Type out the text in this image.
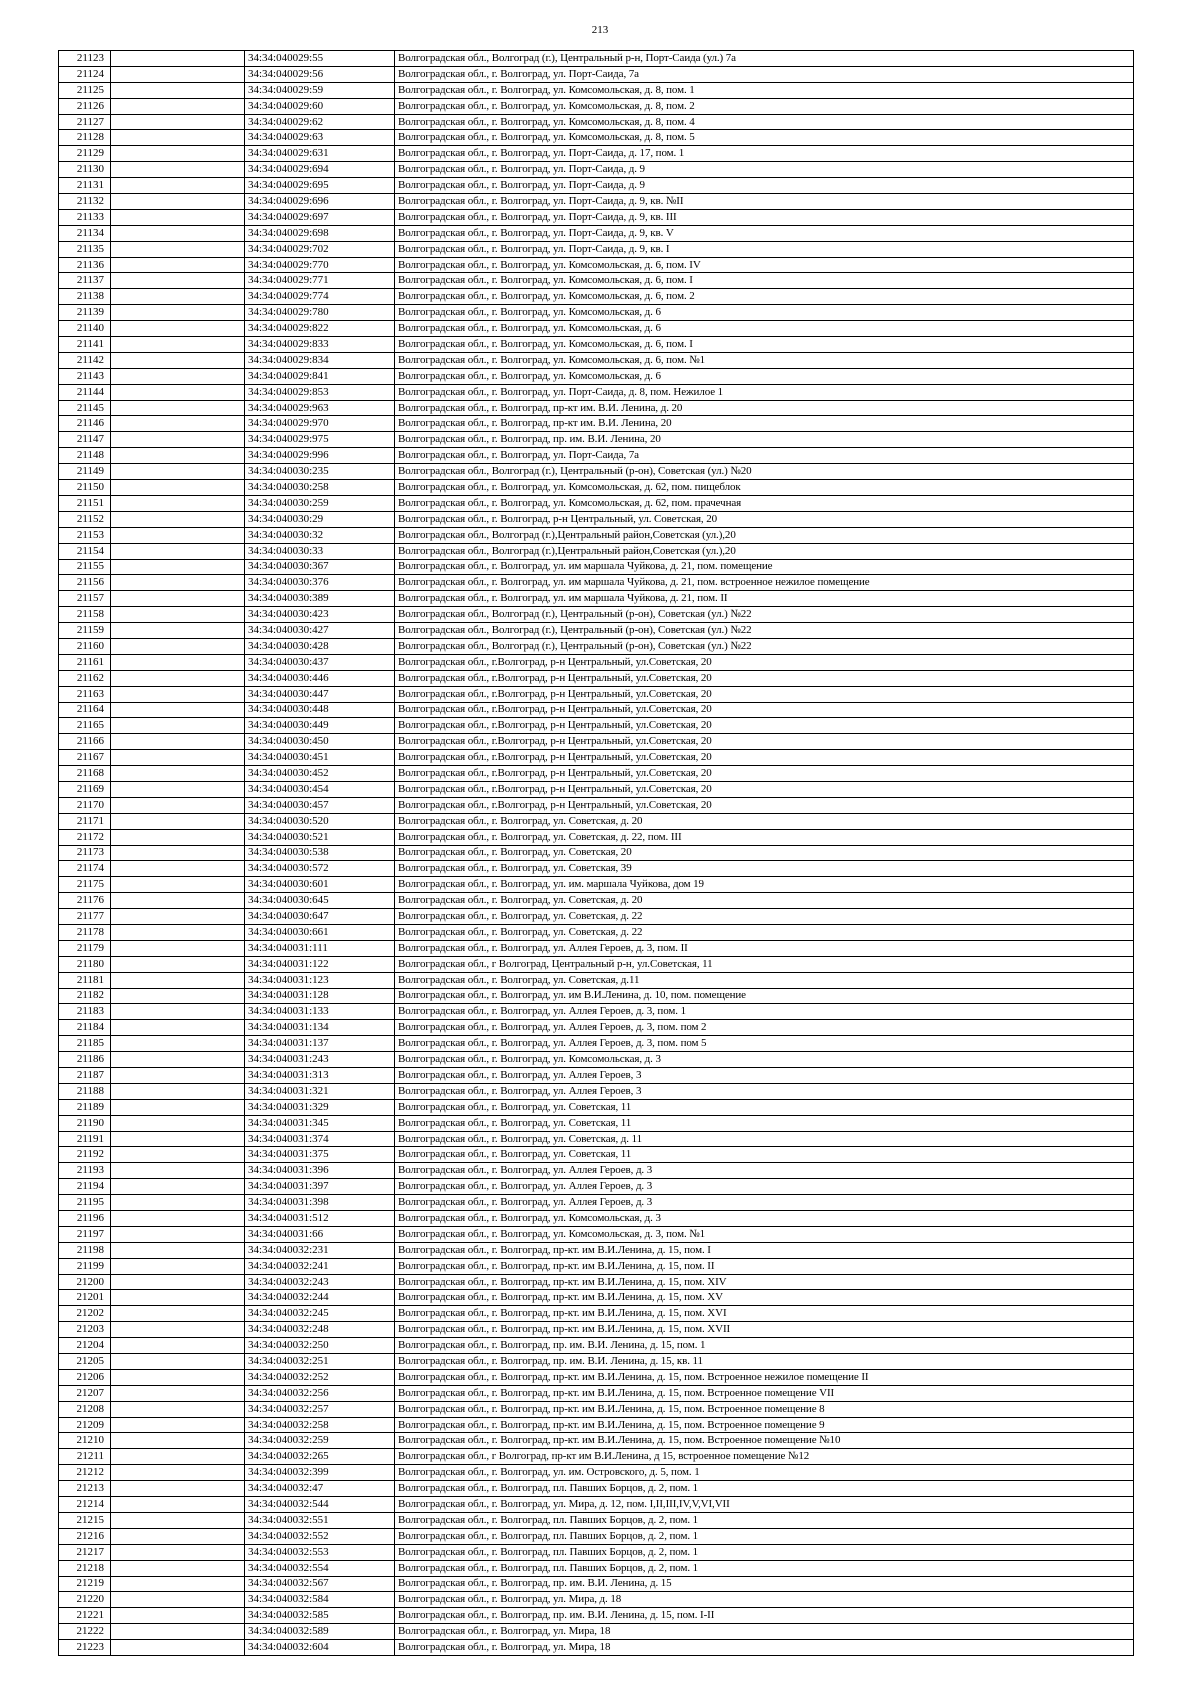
213
21123		34:34:040029:55	Волгоградская обл., Волгоград (г.), Центральный р-н, Порт-Саида (ул.) 7а
21124		34:34:040029:56	Волгоградская обл., г. Волгоград, ул. Порт-Саида, 7а
21125		34:34:040029:59	Волгоградская обл., г. Волгоград, ул. Комсомольская, д. 8, пом. 1
21126		34:34:040029:60	Волгоградская обл., г. Волгоград, ул. Комсомольская, д. 8, пом. 2
21127		34:34:040029:62	Волгоградская обл., г. Волгоград, ул. Комсомольская, д. 8, пом. 4
21128		34:34:040029:63	Волгоградская обл., г. Волгоград, ул. Комсомольская, д. 8, пом. 5
21129		34:34:040029:631	Волгоградская обл., г. Волгоград, ул. Порт-Саида, д. 17, пом. 1
21130		34:34:040029:694	Волгоградская обл., г. Волгоград, ул. Порт-Саида, д. 9
21131		34:34:040029:695	Волгоградская обл., г. Волгоград, ул. Порт-Саида, д. 9
21132		34:34:040029:696	Волгоградская обл., г. Волгоград, ул. Порт-Саида, д. 9, кв. №II
21133		34:34:040029:697	Волгоградская обл., г. Волгоград, ул. Порт-Саида, д. 9, кв. III
21134		34:34:040029:698	Волгоградская обл., г. Волгоград, ул. Порт-Саида, д. 9, кв. V
21135		34:34:040029:702	Волгоградская обл., г. Волгоград, ул. Порт-Саида, д. 9, кв. I
21136		34:34:040029:770	Волгоградская обл., г. Волгоград, ул. Комсомольская, д. 6, пом. IV
21137		34:34:040029:771	Волгоградская обл., г. Волгоград, ул. Комсомольская, д. 6, пом. I
21138		34:34:040029:774	Волгоградская обл., г. Волгоград, ул. Комсомольская, д. 6, пом. 2
21139		34:34:040029:780	Волгоградская обл., г. Волгоград, ул. Комсомольская, д. 6
21140		34:34:040029:822	Волгоградская обл., г. Волгоград, ул. Комсомольская, д. 6
21141		34:34:040029:833	Волгоградская обл., г. Волгоград, ул. Комсомольская, д. 6, пом. I
21142		34:34:040029:834	Волгоградская обл., г. Волгоград, ул. Комсомольская, д. 6, пом. №1
21143		34:34:040029:841	Волгоградская обл., г. Волгоград, ул. Комсомольская, д. 6
21144		34:34:040029:853	Волгоградская обл., г. Волгоград, ул. Порт-Саида, д. 8, пом. Нежилое 1
21145		34:34:040029:963	Волгоградская обл., г. Волгоград, пр-кт им. В.И. Ленина, д. 20
21146		34:34:040029:970	Волгоградская обл., г. Волгоград, пр-кт им. В.И. Ленина, 20
21147		34:34:040029:975	Волгоградская обл., г. Волгоград, пр. им. В.И. Ленина, 20
21148		34:34:040029:996	Волгоградская обл., г. Волгоград, ул. Порт-Саида, 7а
21149		34:34:040030:235	Волгоградская обл., Волгоград (г.), Центральный (р-он), Советская (ул.) №20
21150		34:34:040030:258	Волгоградская обл., г. Волгоград, ул. Комсомольская, д. 62, пом. пищеблок
21151		34:34:040030:259	Волгоградская обл., г. Волгоград, ул. Комсомольская, д. 62, пом. прачечная
21152		34:34:040030:29	Волгоградская обл., г. Волгоград, р-н Центральный, ул. Советская, 20
21153		34:34:040030:32	Волгоградская обл., Волгоград (г.),Центральный район,Советская (ул.),20
21154		34:34:040030:33	Волгоградская обл., Волгоград (г.),Центральный район,Советская (ул.),20
21155		34:34:040030:367	Волгоградская обл., г. Волгоград, ул. им маршала Чуйкова, д. 21, пом. помещение
21156		34:34:040030:376	Волгоградская обл., г. Волгоград, ул. им маршала Чуйкова, д. 21, пом. встроенное нежилое помещение
21157		34:34:040030:389	Волгоградская обл., г. Волгоград, ул. им маршала Чуйкова, д. 21, пом. II
21158		34:34:040030:423	Волгоградская обл., Волгоград (г.), Центральный (р-он), Советская (ул.) №22
21159		34:34:040030:427	Волгоградская обл., Волгоград (г.), Центральный (р-он), Советская (ул.) №22
21160		34:34:040030:428	Волгоградская обл., Волгоград (г.), Центральный (р-он), Советская (ул.) №22
21161		34:34:040030:437	Волгоградская обл., г.Волгоград, р-н Центральный, ул.Советская, 20
21162		34:34:040030:446	Волгоградская обл., г.Волгоград, р-н Центральный, ул.Советская, 20
21163		34:34:040030:447	Волгоградская обл., г.Волгоград, р-н Центральный, ул.Советская, 20
21164		34:34:040030:448	Волгоградская обл., г.Волгоград, р-н Центральный, ул.Советская, 20
21165		34:34:040030:449	Волгоградская обл., г.Волгоград, р-н Центральный, ул.Советская, 20
21166		34:34:040030:450	Волгоградская обл., г.Волгоград, р-н Центральный, ул.Советская, 20
21167		34:34:040030:451	Волгоградская обл., г.Волгоград, р-н Центральный, ул.Советская, 20
21168		34:34:040030:452	Волгоградская обл., г.Волгоград, р-н Центральный, ул.Советская, 20
21169		34:34:040030:454	Волгоградская обл., г.Волгоград, р-н Центральный, ул.Советская, 20
21170		34:34:040030:457	Волгоградская обл., г.Волгоград, р-н Центральный, ул.Советская, 20
21171		34:34:040030:520	Волгоградская обл., г. Волгоград, ул. Советская, д. 20
21172		34:34:040030:521	Волгоградская обл., г. Волгоград, ул. Советская, д. 22, пом. III
21173		34:34:040030:538	Волгоградская обл., г. Волгоград, ул. Советская, 20
21174		34:34:040030:572	Волгоградская обл., г. Волгоград, ул. Советская, 39
21175		34:34:040030:601	Волгоградская обл., г. Волгоград, ул. им. маршала Чуйкова, дом 19
21176		34:34:040030:645	Волгоградская обл., г. Волгоград, ул. Советская, д. 20
21177		34:34:040030:647	Волгоградская обл., г. Волгоград, ул. Советская, д. 22
21178		34:34:040030:661	Волгоградская обл., г. Волгоград, ул. Советская, д. 22
21179		34:34:040031:111	Волгоградская обл., г. Волгоград, ул. Аллея Героев, д. 3, пом. II
21180		34:34:040031:122	Волгоградская обл., г Волгоград, Центральный р-н, ул.Советская, 11
21181		34:34:040031:123	Волгоградская обл., г. Волгоград, ул. Советская, д.11
21182		34:34:040031:128	Волгоградская обл., г. Волгоград, ул. им В.И.Ленина, д. 10, пом. помещение
21183		34:34:040031:133	Волгоградская обл., г. Волгоград, ул. Аллея Героев, д. 3, пом. 1
21184		34:34:040031:134	Волгоградская обл., г. Волгоград, ул. Аллея Героев, д. 3, пом. пом 2
21185		34:34:040031:137	Волгоградская обл., г. Волгоград, ул. Аллея Героев, д. 3, пом. пом 5
21186		34:34:040031:243	Волгоградская обл., г. Волгоград, ул. Комсомольская, д. 3
21187		34:34:040031:313	Волгоградская обл., г. Волгоград, ул. Аллея Героев, 3
21188		34:34:040031:321	Волгоградская обл., г. Волгоград, ул. Аллея Героев, 3
21189		34:34:040031:329	Волгоградская обл., г. Волгоград, ул. Советская, 11
21190		34:34:040031:345	Волгоградская обл., г. Волгоград, ул. Советская, 11
21191		34:34:040031:374	Волгоградская обл., г. Волгоград, ул. Советская, д. 11
21192		34:34:040031:375	Волгоградская обл., г. Волгоград, ул. Советская, 11
21193		34:34:040031:396	Волгоградская обл., г. Волгоград, ул. Аллея Героев, д. 3
21194		34:34:040031:397	Волгоградская обл., г. Волгоград, ул. Аллея Героев, д. 3
21195		34:34:040031:398	Волгоградская обл., г. Волгоград, ул. Аллея Героев, д. 3
21196		34:34:040031:512	Волгоградская обл., г. Волгоград, ул. Комсомольская, д. 3
21197		34:34:040031:66	Волгоградская обл., г. Волгоград, ул. Комсомольская, д. 3, пом. №1
21198		34:34:040032:231	Волгоградская обл., г. Волгоград, пр-кт. им В.И.Ленина, д. 15, пом. I
21199		34:34:040032:241	Волгоградская обл., г. Волгоград, пр-кт. им В.И.Ленина, д. 15, пом. II
21200		34:34:040032:243	Волгоградская обл., г. Волгоград, пр-кт. им В.И.Ленина, д. 15, пом. XIV
21201		34:34:040032:244	Волгоградская обл., г. Волгоград, пр-кт. им В.И.Ленина, д. 15, пом. XV
21202		34:34:040032:245	Волгоградская обл., г. Волгоград, пр-кт. им В.И.Ленина, д. 15, пом. XVI
21203		34:34:040032:248	Волгоградская обл., г. Волгоград, пр-кт. им В.И.Ленина, д. 15, пом. XVII
21204		34:34:040032:250	Волгоградская обл., г. Волгоград, пр. им. В.И. Ленина, д. 15, пом. 1
21205		34:34:040032:251	Волгоградская обл., г. Волгоград, пр. им. В.И. Ленина, д. 15, кв. 11
21206		34:34:040032:252	Волгоградская обл., г. Волгоград, пр-кт. им В.И.Ленина, д. 15, пом. Встроенное нежилое помещение II
21207		34:34:040032:256	Волгоградская обл., г. Волгоград, пр-кт. им В.И.Ленина, д. 15, пом. Встроенное помещение VII
21208		34:34:040032:257	Волгоградская обл., г. Волгоград, пр-кт. им В.И.Ленина, д. 15, пом. Встроенное помещение 8
21209		34:34:040032:258	Волгоградская обл., г. Волгоград, пр-кт. им В.И.Ленина, д. 15, пом. Встроенное помещение 9
21210		34:34:040032:259	Волгоградская обл., г. Волгоград, пр-кт. им В.И.Ленина, д. 15, пом. Встроенное помещение №10
21211		34:34:040032:265	Волгоградская обл., г Волгоград, пр-кт им В.И.Ленина, д 15, встроенное помещение №12
21212		34:34:040032:399	Волгоградская обл., г. Волгоград, ул. им. Островского, д. 5, пом. 1
21213		34:34:040032:47	Волгоградская обл., г. Волгоград, пл. Павших Борцов, д. 2, пом. 1
21214		34:34:040032:544	Волгоградская обл., г. Волгоград, ул. Мира, д. 12, пом. I,II,III,IV,V,VI,VII
21215		34:34:040032:551	Волгоградская обл., г. Волгоград, пл. Павших Борцов, д. 2, пом. 1
21216		34:34:040032:552	Волгоградская обл., г. Волгоград, пл. Павших Борцов, д. 2, пом. 1
21217		34:34:040032:553	Волгоградская обл., г. Волгоград, пл. Павших Борцов, д. 2, пом. 1
21218		34:34:040032:554	Волгоградская обл., г. Волгоград, пл. Павших Борцов, д. 2, пом. 1
21219		34:34:040032:567	Волгоградская обл., г. Волгоград, пр. им. В.И. Ленина, д. 15
21220		34:34:040032:584	Волгоградская обл., г. Волгоград, ул. Мира, д. 18
21221		34:34:040032:585	Волгоградская обл., г. Волгоград, пр. им. В.И. Ленина, д. 15, пом. I-II
21222		34:34:040032:589	Волгоградская обл., г. Волгоград, ул. Мира, 18
21223		34:34:040032:604	Волгоградская обл., г. Волгоград, ул. Мира, 18
